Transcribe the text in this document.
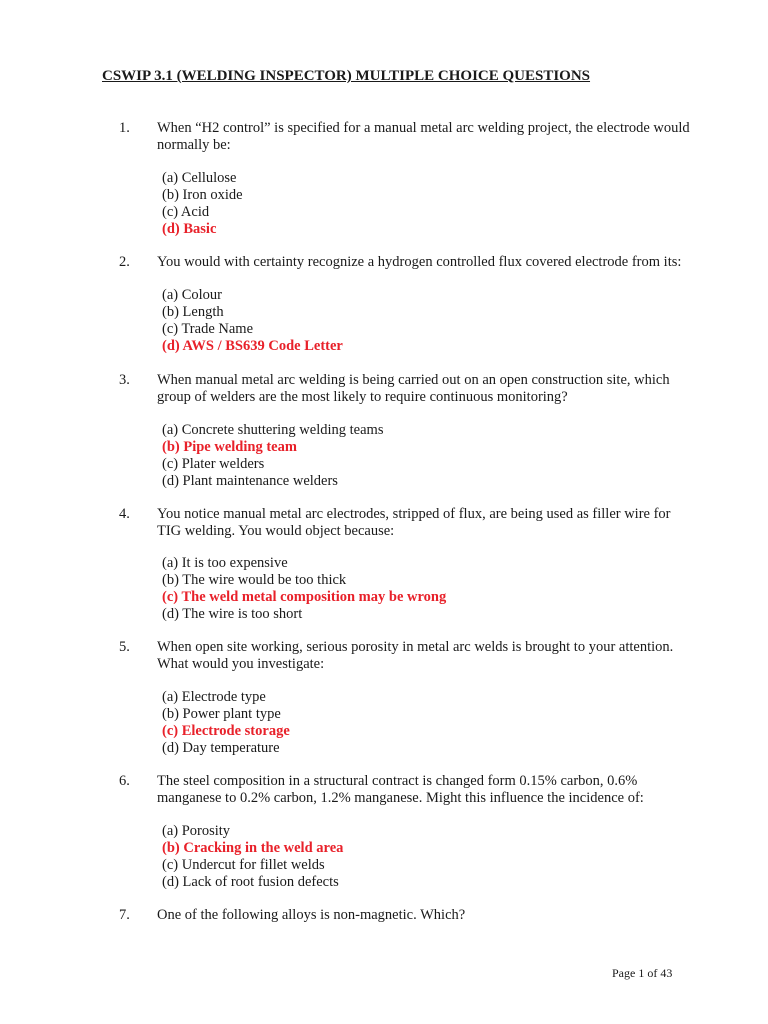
CSWIP 3.1 (WELDING INSPECTOR) MULTIPLE CHOICE QUESTIONS
1. When “H2 control” is specified for a manual metal arc welding project, the electrode would normally be:
(a) Cellulose
(b) Iron oxide
(c) Acid
(d) Basic
2. You would with certainty recognize a hydrogen controlled flux covered electrode from its:
(a) Colour
(b) Length
(c) Trade Name
(d) AWS / BS639 Code Letter
3. When manual metal arc welding is being carried out on an open construction site, which group of welders are the most likely to require continuous monitoring?
(a) Concrete shuttering welding teams
(b) Pipe welding team
(c) Plater welders
(d) Plant maintenance welders
4. You notice manual metal arc electrodes, stripped of flux, are being used as filler wire for TIG welding. You would object because:
(a) It is too expensive
(b) The wire would be too thick
(c) The weld metal composition may be wrong
(d) The wire is too short
5. When open site working, serious porosity in metal arc welds is brought to your attention. What would you investigate:
(a) Electrode type
(b) Power plant type
(c) Electrode storage
(d) Day temperature
6. The steel composition in a structural contract is changed form 0.15% carbon, 0.6% manganese to 0.2% carbon, 1.2% manganese. Might this influence the incidence of:
(a) Porosity
(b) Cracking in the weld area
(c) Undercut for fillet welds
(d) Lack of root fusion defects
7. One of the following alloys is non-magnetic. Which?
Page 1 of 43
